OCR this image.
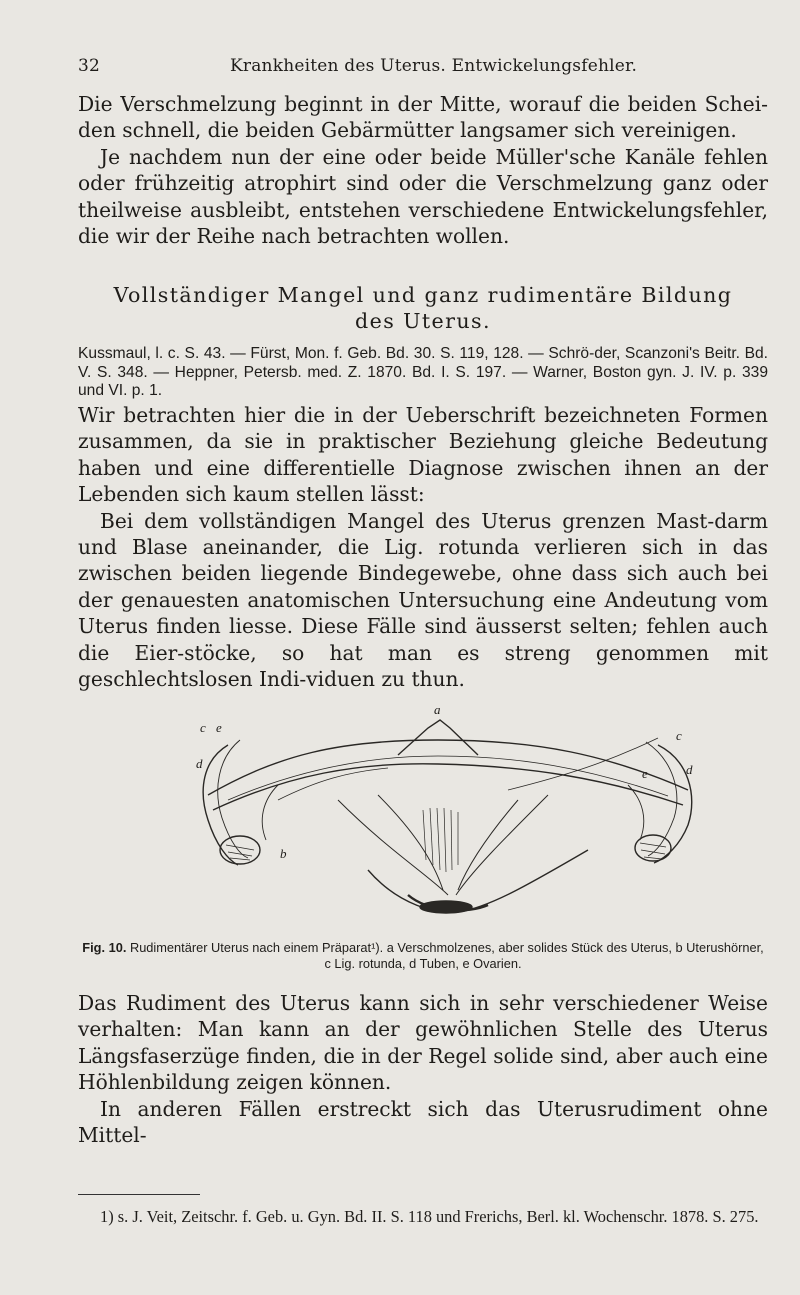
32	Krankheiten des Uterus. Entwickelungsfehler.

Die Verschmelzung beginnt in der Mitte, worauf die beiden Schei-den schnell, die beiden Gebärmütter langsamer sich vereinigen.

Je nachdem nun der eine oder beide Müller'sche Kanäle fehlen oder frühzeitig atrophirt sind oder die Verschmelzung ganz oder theilweise ausbleibt, entstehen verschiedene Entwickelungsfehler, die wir der Reihe nach betrachten wollen.

Vollständiger Mangel und ganz rudimentäre Bildung
des Uterus.
Kussmaul, l. c. S. 43. — Fürst, Mon. f. Geb. Bd. 30. S. 119, 128. — Schrö-der, Scanzoni's Beitr. Bd. V. S. 348. — Heppner, Petersb. med. Z. 1870. Bd. I. S. 197. — Warner, Boston gyn. J. IV. p. 339 und VI. p. 1.

Wir betrachten hier die in der Ueberschrift bezeichneten Formen zusammen, da sie in praktischer Beziehung gleiche Bedeutung haben und eine differentielle Diagnose zwischen ihnen an der Lebenden sich kaum stellen lässt:

Bei dem vollständigen Mangel des Uterus grenzen Mast-darm und Blase aneinander, die Lig. rotunda verlieren sich in das zwischen beiden liegende Bindegewebe, ohne dass sich auch bei der genauesten anatomischen Untersuchung eine Andeutung vom Uterus finden liesse. Diese Fälle sind äusserst selten; fehlen auch die Eier-stöcke, so hat man es streng genommen mit geschlechtslosen Indi-viduen zu thun.

a
b
c
c
d	d
e
e
Fig. 10. Rudimentärer Uterus nach einem Präparat¹). a Verschmolzenes, aber solides Stück des Uterus, b Uterushörner, c Lig. rotunda, d Tuben, e Ovarien.

Das Rudiment des Uterus kann sich in sehr verschiedener Weise verhalten: Man kann an der gewöhnlichen Stelle des Uterus Längsfaserzüge finden, die in der Regel solide sind, aber auch eine Höhlenbildung zeigen können.

In anderen Fällen erstreckt sich das Uterusrudiment ohne Mittel-

1) s. J. Veit, Zeitschr. f. Geb. u. Gyn. Bd. II. S. 118 und Frerichs, Berl. kl. Wochenschr. 1878. S. 275.
